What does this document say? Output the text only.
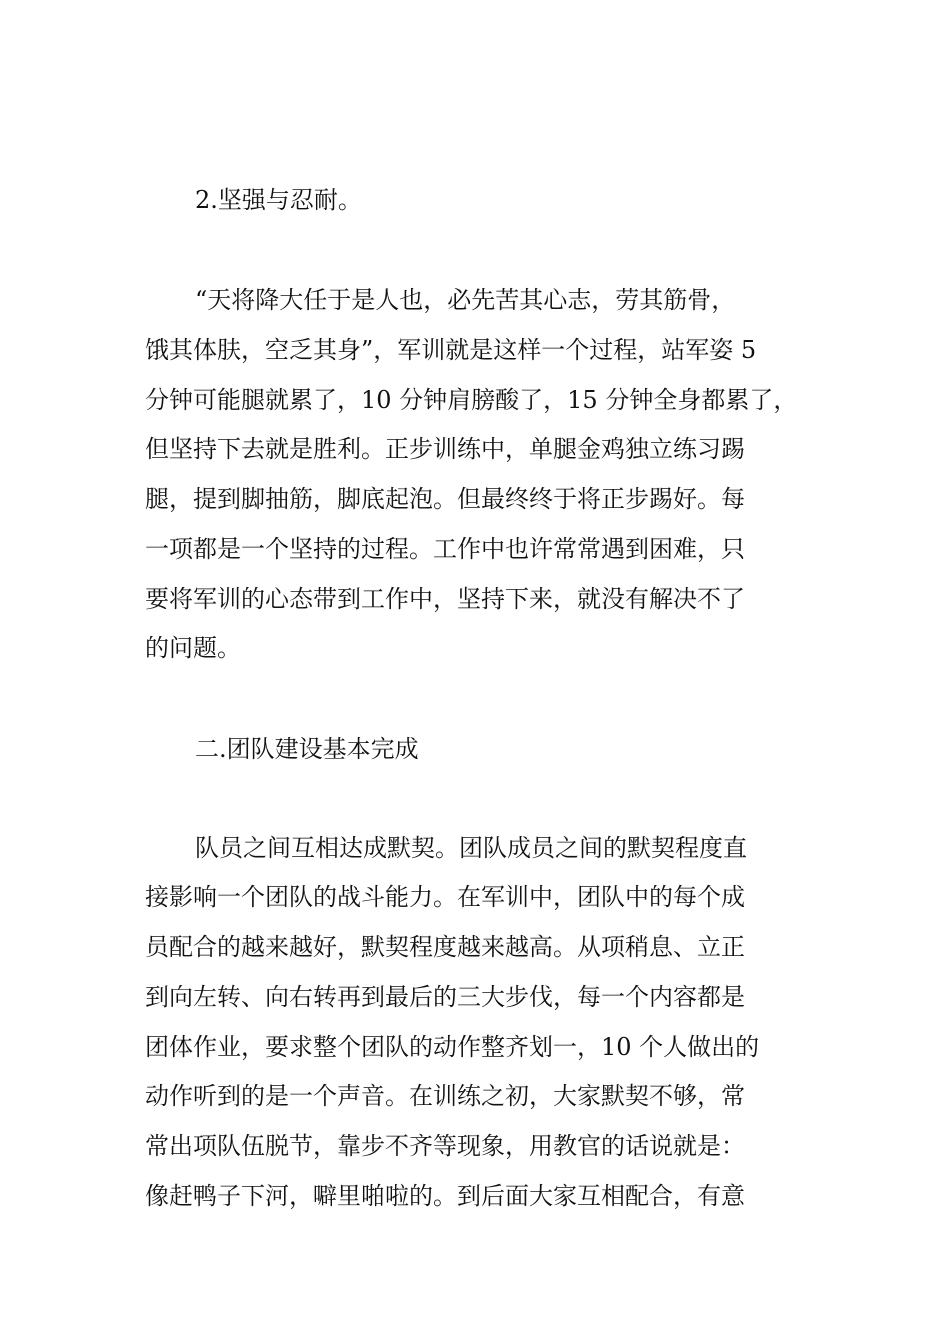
2.坚强与忍耐。
“天将降大任于是人也，必先苦其心志，劳其筋骨，
饿其体肤，空乏其身”，军训就是这样一个过程，站军姿 5
分钟可能腿就累了，10 分钟肩膀酸了，15 分钟全身都累了，
但坚持下去就是胜利。正步训练中，单腿金鸡独立练习踢
腿，提到脚抽筋，脚底起泡。但最终终于将正步踢好。每
一项都是一个坚持的过程。工作中也许常常遇到困难，只
要将军训的心态带到工作中，坚持下来，就没有解决不了
的问题。
二.团队建设基本完成
队员之间互相达成默契。团队成员之间的默契程度直
接影响一个团队的战斗能力。在军训中，团队中的每个成
员配合的越来越好，默契程度越来越高。从项稍息、立正
到向左转、向右转再到最后的三大步伐，每一个内容都是
团体作业，要求整个团队的动作整齐划一，10 个人做出的
动作听到的是一个声音。在训练之初，大家默契不够，常
常出项队伍脱节，靠步不齐等现象，用教官的话说就是：
像赶鸭子下河，噼里啪啦的。到后面大家互相配合，有意
